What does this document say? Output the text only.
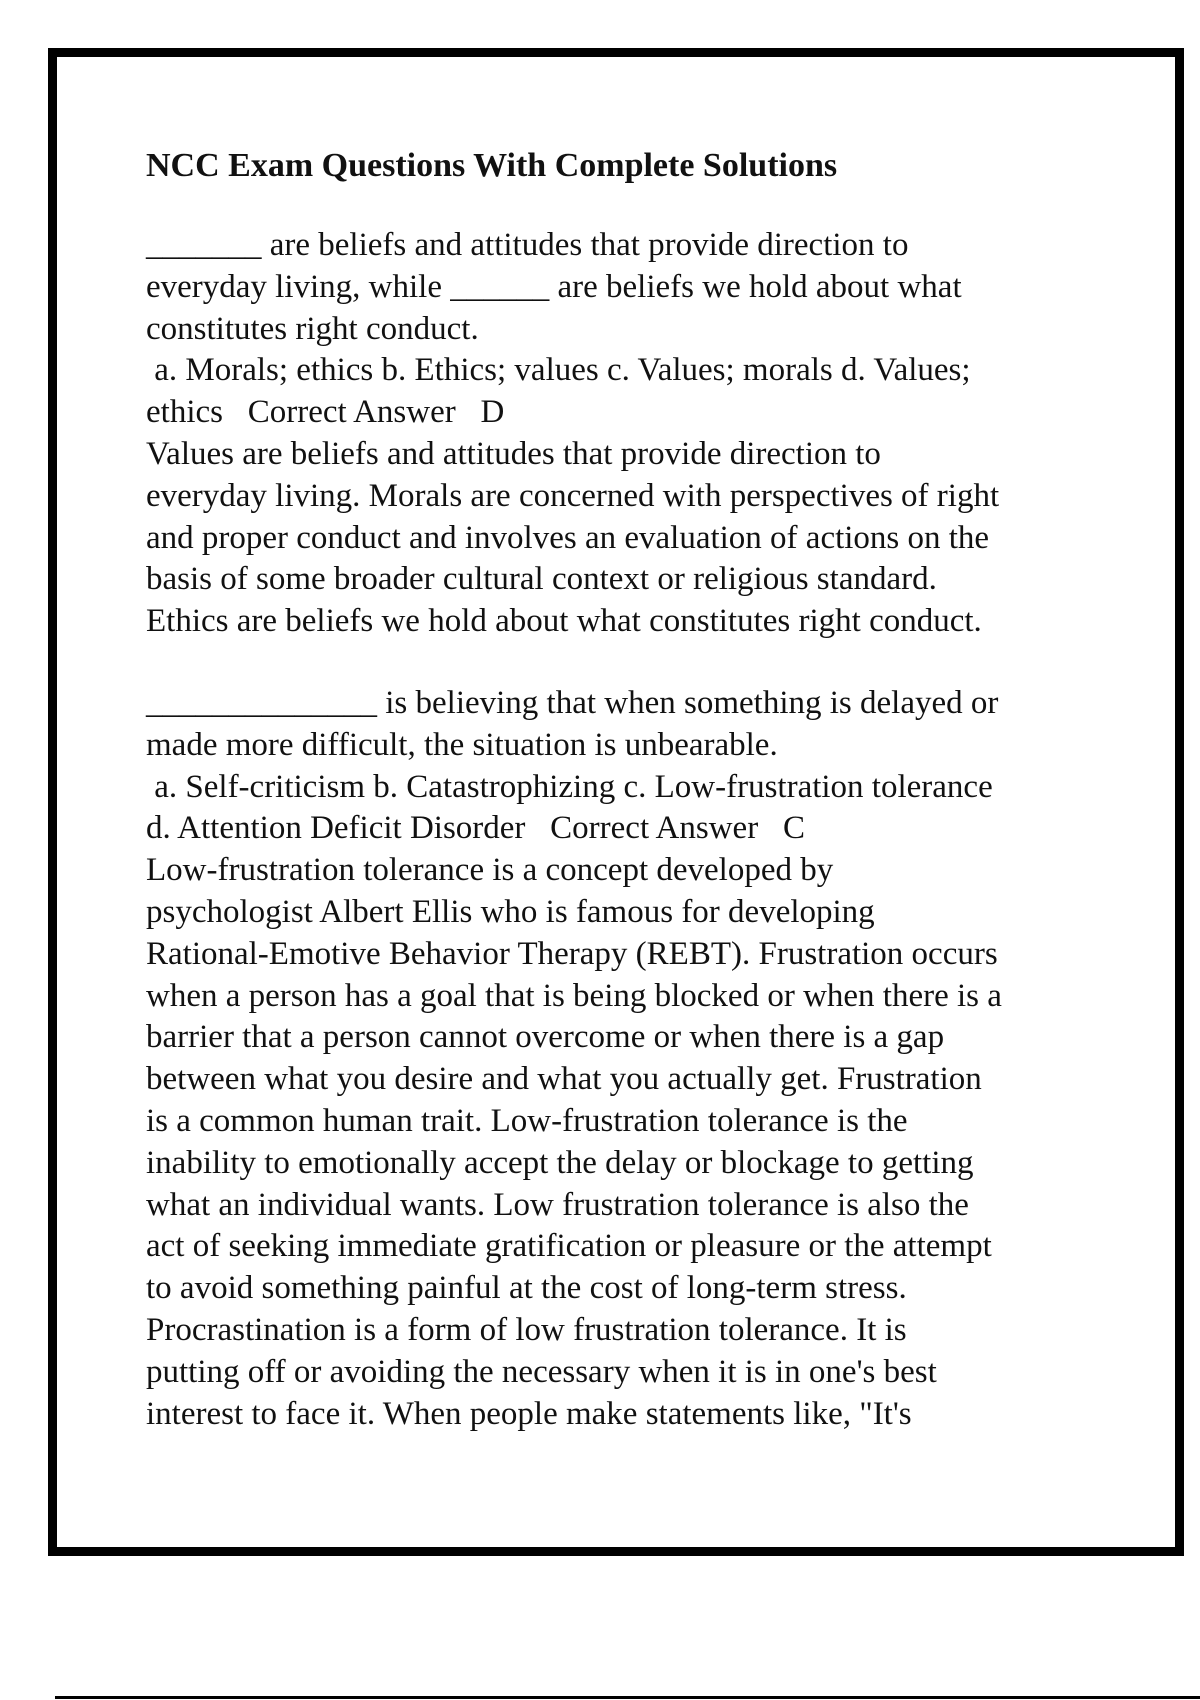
NCC Exam Questions With Complete Solutions

_______ are beliefs and attitudes that provide direction to

everyday living, while ______ are beliefs we hold about what

constitutes right conduct.

a. Morals; ethics b. Ethics; values c. Values; morals d. Values;

ethics   Correct Answer   D

Values are beliefs and attitudes that provide direction to

everyday living. Morals are concerned with perspectives of right

and proper conduct and involves an evaluation of actions on the

basis of some broader cultural context or religious standard.

Ethics are beliefs we hold about what constitutes right conduct.

______________ is believing that when something is delayed or

made more difficult, the situation is unbearable.

a. Self-criticism b. Catastrophizing c. Low-frustration tolerance

d. Attention Deficit Disorder   Correct Answer   C

Low-frustration tolerance is a concept developed by

psychologist Albert Ellis who is famous for developing

Rational-Emotive Behavior Therapy (REBT). Frustration occurs

when a person has a goal that is being blocked or when there is a

barrier that a person cannot overcome or when there is a gap

between what you desire and what you actually get. Frustration

is a common human trait. Low-frustration tolerance is the

inability to emotionally accept the delay or blockage to getting

what an individual wants. Low frustration tolerance is also the

act of seeking immediate gratification or pleasure or the attempt

to avoid something painful at the cost of long-term stress.

Procrastination is a form of low frustration tolerance. It is

putting off or avoiding the necessary when it is in one's best

interest to face it. When people make statements like, "It's
